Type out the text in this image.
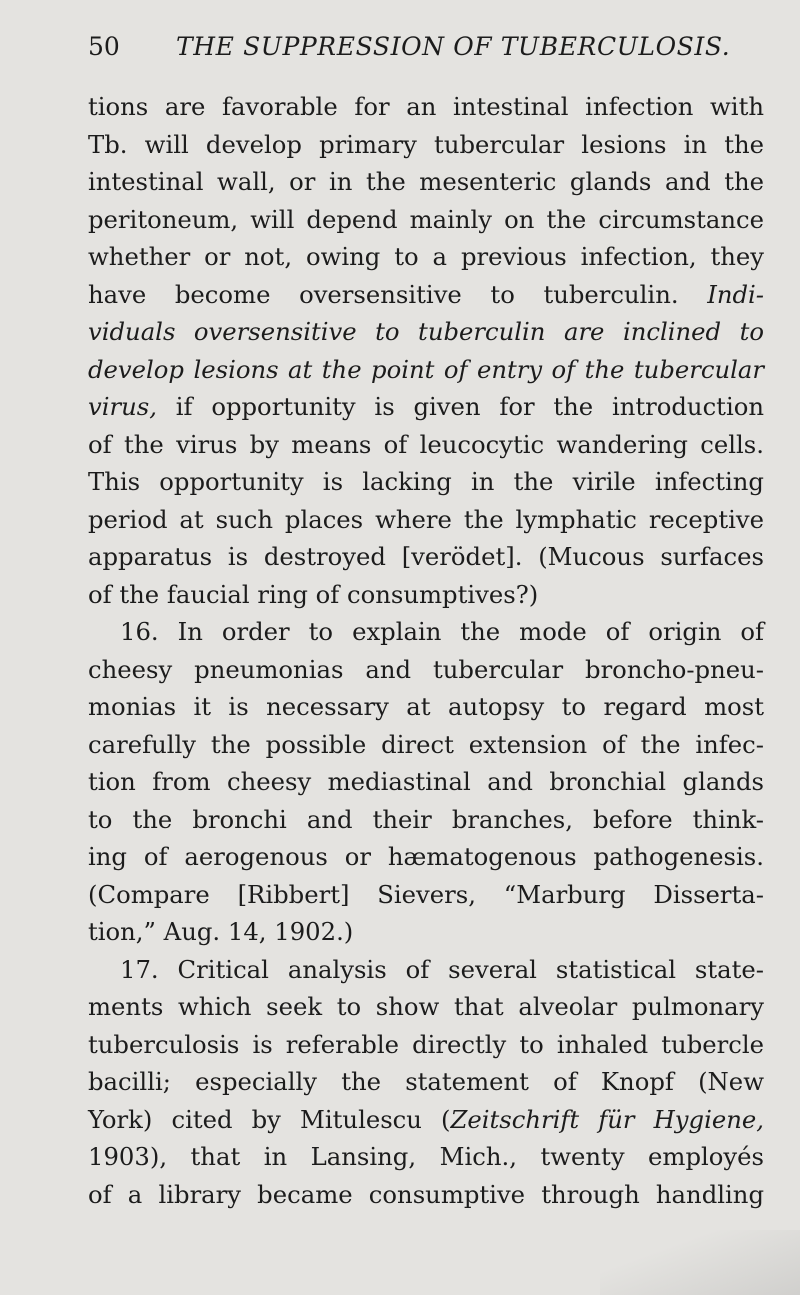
50 THE SUPPRESSION OF TUBERCULOSIS.
tions are favorable for an intestinal infection with
Tb. will develop primary tubercular lesions in the
intestinal wall, or in the mesenteric glands and the
peritoneum, will depend mainly on the circumstance
whether or not, owing to a previous infection, they
have become oversensitive to tuberculin. Indi-
viduals oversensitive to tuberculin are inclined to
develop lesions at the point of entry of the tubercular
virus, if opportunity is given for the introduction
of the virus by means of leucocytic wandering cells.
This opportunity is lacking in the virile infecting
period at such places where the lymphatic receptive
apparatus is destroyed [verödet]. (Mucous surfaces
of the faucial ring of consumptives?)
16. In order to explain the mode of origin of
cheesy pneumonias and tubercular broncho-pneu-
monias it is necessary at autopsy to regard most
carefully the possible direct extension of the infec-
tion from cheesy mediastinal and bronchial glands
to the bronchi and their branches, before think-
ing of aerogenous or hæmatogenous pathogenesis.
(Compare [Ribbert] Sievers, “Marburg Disserta-
tion,” Aug. 14, 1902.)
17. Critical analysis of several statistical state-
ments which seek to show that alveolar pulmonary
tuberculosis is referable directly to inhaled tubercle
bacilli; especially the statement of Knopf (New
York) cited by Mitulescu (Zeitschrift für Hygiene,
1903), that in Lansing, Mich., twenty employés
of a library became consumptive through handling
